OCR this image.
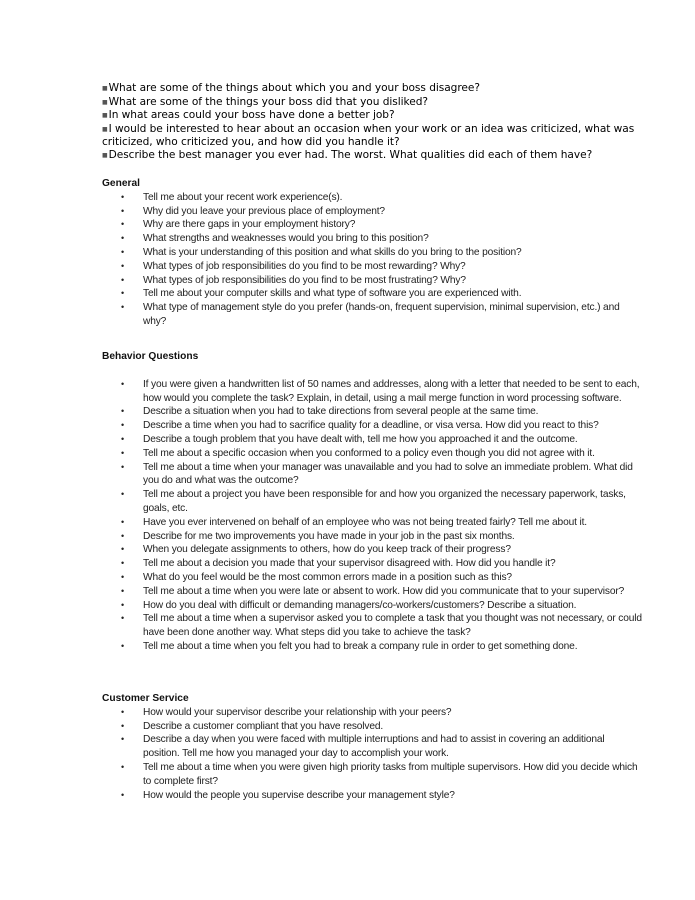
■What are some of the things about which you and your boss disagree?

■What are some of the things your boss did that you disliked?

■In what areas could your boss have done a better job?

■I would be interested to hear about an occasion when your work or an idea was criticized, what was criticized, who criticized you, and how did you handle it?

■Describe the best manager you ever had. The worst. What qualities did each of them have?

General

• Tell me about your recent work experience(s).
• Why did you leave your previous place of employment?
• Why are there gaps in your employment history?
• What strengths and weaknesses would you bring to this position?
• What is your understanding of this position and what skills do you bring to the position?
• What types of job responsibilities do you find to be most rewarding? Why?
• What types of job responsibilities do you find to be most frustrating? Why?
• Tell me about your computer skills and what type of software you are experienced with.
• What type of management style do you prefer (hands-on, frequent supervision, minimal supervision, etc.) and why?

Behavior Questions

• If you were given a handwritten list of 50 names and addresses, along with a letter that needed to be sent to each, how would you complete the task? Explain, in detail, using a mail merge function in word processing software.
• Describe a situation when you had to take directions from several people at the same time.
• Describe a time when you had to sacrifice quality for a deadline, or visa versa. How did you react to this?
• Describe a tough problem that you have dealt with, tell me how you approached it and the outcome.
• Tell me about a specific occasion when you conformed to a policy even though you did not agree with it.
• Tell me about a time when your manager was unavailable and you had to solve an immediate problem. What did you do and what was the outcome?
• Tell me about a project you have been responsible for and how you organized the necessary paperwork, tasks, goals, etc.
• Have you ever intervened on behalf of an employee who was not being treated fairly? Tell me about it.
• Describe for me two improvements you have made in your job in the past six months.
• When you delegate assignments to others, how do you keep track of their progress?
• Tell me about a decision you made that your supervisor disagreed with. How did you handle it?
• What do you feel would be the most common errors made in a position such as this?
• Tell me about a time when you were late or absent to work. How did you communicate that to your supervisor?
• How do you deal with difficult or demanding managers/co-workers/customers? Describe a situation.
• Tell me about a time when a supervisor asked you to complete a task that you thought was not necessary, or could have been done another way. What steps did you take to achieve the task?
• Tell me about a time when you felt you had to break a company rule in order to get something done.

Customer Service

• How would your supervisor describe your relationship with your peers?
• Describe a customer compliant that you have resolved.
• Describe a day when you were faced with multiple interruptions and had to assist in covering an additional position. Tell me how you managed your day to accomplish your work.
• Tell me about a time when you were given high priority tasks from multiple supervisors. How did you decide which to complete first?
• How would the people you supervise describe your management style?
